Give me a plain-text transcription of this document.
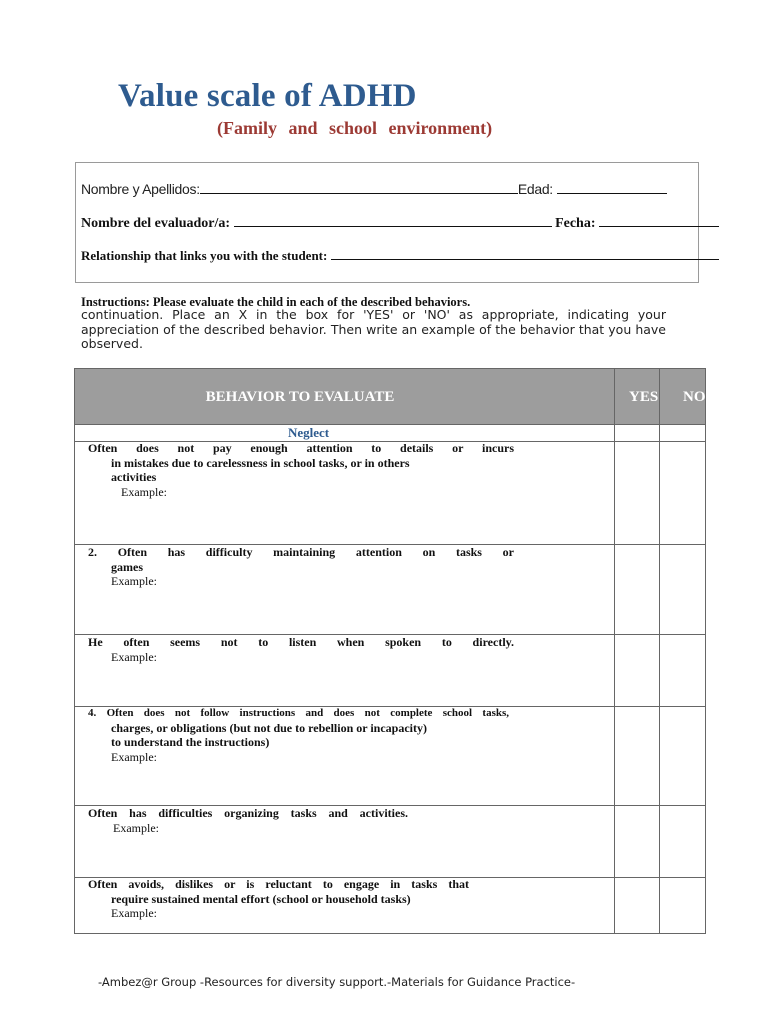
Value scale of ADHD
(Family and school environment)
Nombre y Apellidos:	Edad:
Nombre del evaluador/a:	Fecha:
Relationship that links you with the student:
Instructions: Please evaluate the child in each of the described behaviors.
continuation. Place an X in the box for 'YES' or 'NO' as appropriate, indicating your appreciation of the described behavior. Then write an example of the behavior that you have observed.
BEHAVIOR TO EVALUATE	YES NO
Neglect
Often does not pay enough attention to details or incurs
in mistakes due to carelessness in school tasks, or in others
activities
Example:
2. Often has difficulty maintaining attention on tasks or
games
Example:
He often seems not to listen when spoken to directly.
Example:
4. Often does not follow instructions and does not complete school tasks,
charges, or obligations (but not due to rebellion or incapacity)
to understand the instructions)
Example:
Often has difficulties organizing tasks and activities.
Example:
Often avoids, dislikes or is reluctant to engage in tasks that
require sustained mental effort (school or household tasks)
Example:
-Ambez@r Group -Resources for diversity support.-Materials for Guidance Practice-
